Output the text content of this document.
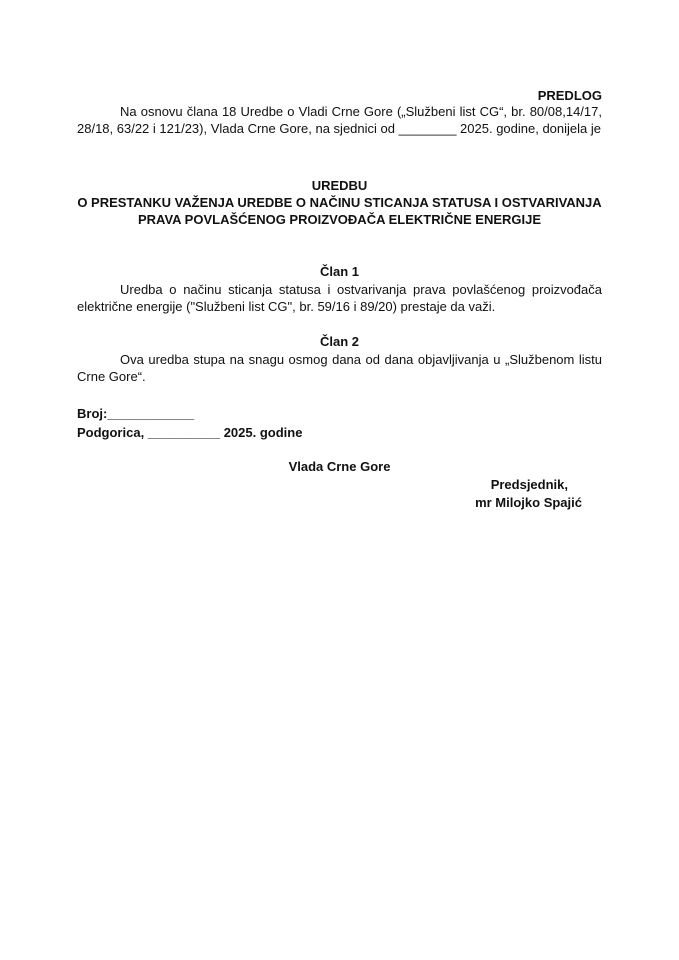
PREDLOG
Na osnovu člana 18 Uredbe o Vladi Crne Gore („Službeni list CG“, br. 80/08,14/17, 28/18, 63/22 i 121/23), Vlada Crne Gore, na sjednici od ________ 2025. godine, donijela je
UREDBU
O PRESTANKU VAŽENJA UREDBE O NAČINU STICANJA STATUSA I OSTVARIVANJA PRAVA POVLAŠĆENOG PROIZVOĐAČA ELEKTRIČNE ENERGIJE
Član 1
Uredba o načinu sticanja statusa i ostvarivanja prava povlašćenog proizvođača električne energije ("Službeni list CG", br. 59/16 i 89/20) prestaje da važi.
Član 2
Ova uredba stupa na snagu osmog dana od dana objavljivanja u „Službenom listu Crne Gore“.
Broj:____________
Podgorica, __________ 2025. godine
Vlada Crne Gore
Predsjednik,
mr Milojko Spajić
